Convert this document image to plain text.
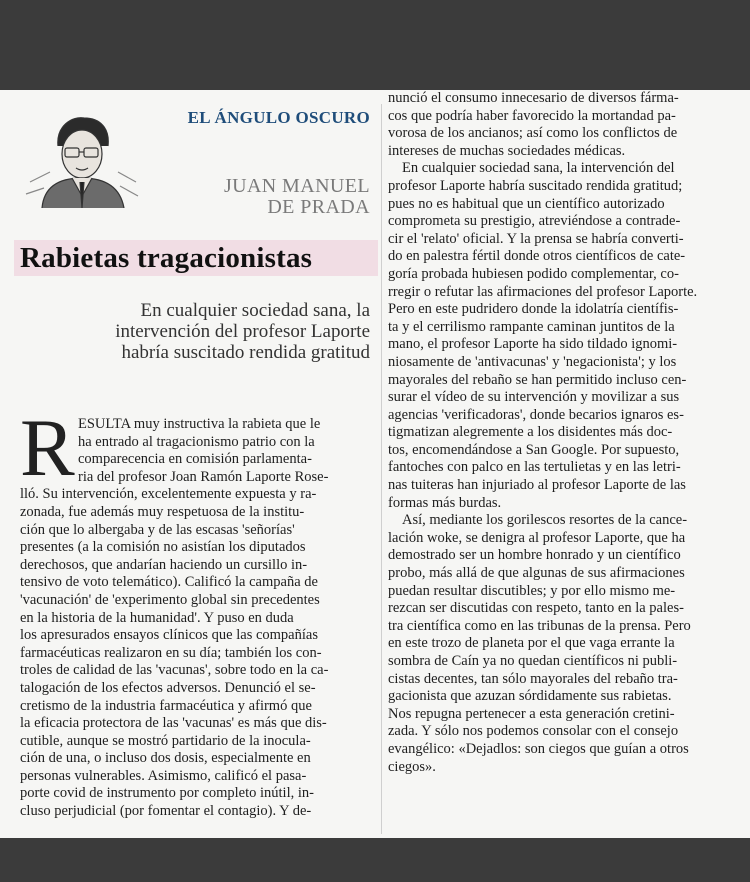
EL ÁNGULO OSCURO
JUAN MANUEL
DE PRADA
Rabietas tragacionistas
En cualquier sociedad sana, la
intervención del profesor Laporte
habría suscitado rendida gratitud
R ESULTA muy instructiva la rabieta que le
ha entrado al tragacionismo patrio con la
comparecencia en comisión parlamenta-
ria del profesor Joan Ramón Laporte Rose-
lló. Su intervención, excelentemente expuesta y ra-
zonada, fue además muy respetuosa de la institu-
ción que lo albergaba y de las escasas 'señorías'
presentes (a la comisión no asistían los diputados
derechosos, que andarían haciendo un cursillo in-
tensivo de voto telemático). Calificó la campaña de
'vacunación' de 'experimento global sin precedentes
en la historia de la humanidad'. Y puso en duda
los apresurados ensayos clínicos que las compañías
farmacéuticas realizaron en su día; también los con-
troles de calidad de las 'vacunas', sobre todo en la ca-
talogación de los efectos adversos. Denunció el se-
cretismo de la industria farmacéutica y afirmó que
la eficacia protectora de las 'vacunas' es más que dis-
cutible, aunque se mostró partidario de la inocula-
ción de una, o incluso dos dosis, especialmente en
personas vulnerables. Asimismo, calificó el pasa-
porte covid de instrumento por completo inútil, in-
cluso perjudicial (por fomentar el contagio). Y de-
nunció el consumo innecesario de diversos fárma-
cos que podría haber favorecido la mortandad pa-
vorosa de los ancianos; así como los conflictos de
intereses de muchas sociedades médicas.
En cualquier sociedad sana, la intervención del
profesor Laporte habría suscitado rendida gratitud;
pues no es habitual que un científico autorizado
comprometa su prestigio, atreviéndose a contrade-
cir el 'relato' oficial. Y la prensa se habría converti-
do en palestra fértil donde otros científicos de cate-
goría probada hubiesen podido complementar, co-
rregir o refutar las afirmaciones del profesor Laporte.
Pero en este pudridero donde la idolatría científis-
ta y el cerrilismo rampante caminan juntitos de la
mano, el profesor Laporte ha sido tildado ignomi-
niosamente de 'antivacunas' y 'negacionista'; y los
mayorales del rebaño se han permitido incluso cen-
surar el vídeo de su intervención y movilizar a sus
agencias 'verificadoras', donde becarios ignaros es-
tigmatizan alegremente a los disidentes más doc-
tos, encomendándose a San Google. Por supuesto,
fantoches con palco en las tertulietas y en las letri-
nas tuiteras han injuriado al profesor Laporte de las
formas más burdas.
Así, mediante los gorilescos resortes de la cance-
lación woke, se denigra al profesor Laporte, que ha
demostrado ser un hombre honrado y un científico
probo, más allá de que algunas de sus afirmaciones
puedan resultar discutibles; y por ello mismo me-
rezcan ser discutidas con respeto, tanto en la pales-
tra científica como en las tribunas de la prensa. Pero
en este trozo de planeta por el que vaga errante la
sombra de Caín ya no quedan científicos ni publi-
cistas decentes, tan sólo mayorales del rebaño tra-
gacionista que azuzan sórdidamente sus rabietas.
Nos repugna pertenecer a esta generación cretini-
zada. Y sólo nos podemos consolar con el consejo
evangélico: «Dejadlos: son ciegos que guían a otros
ciegos».
